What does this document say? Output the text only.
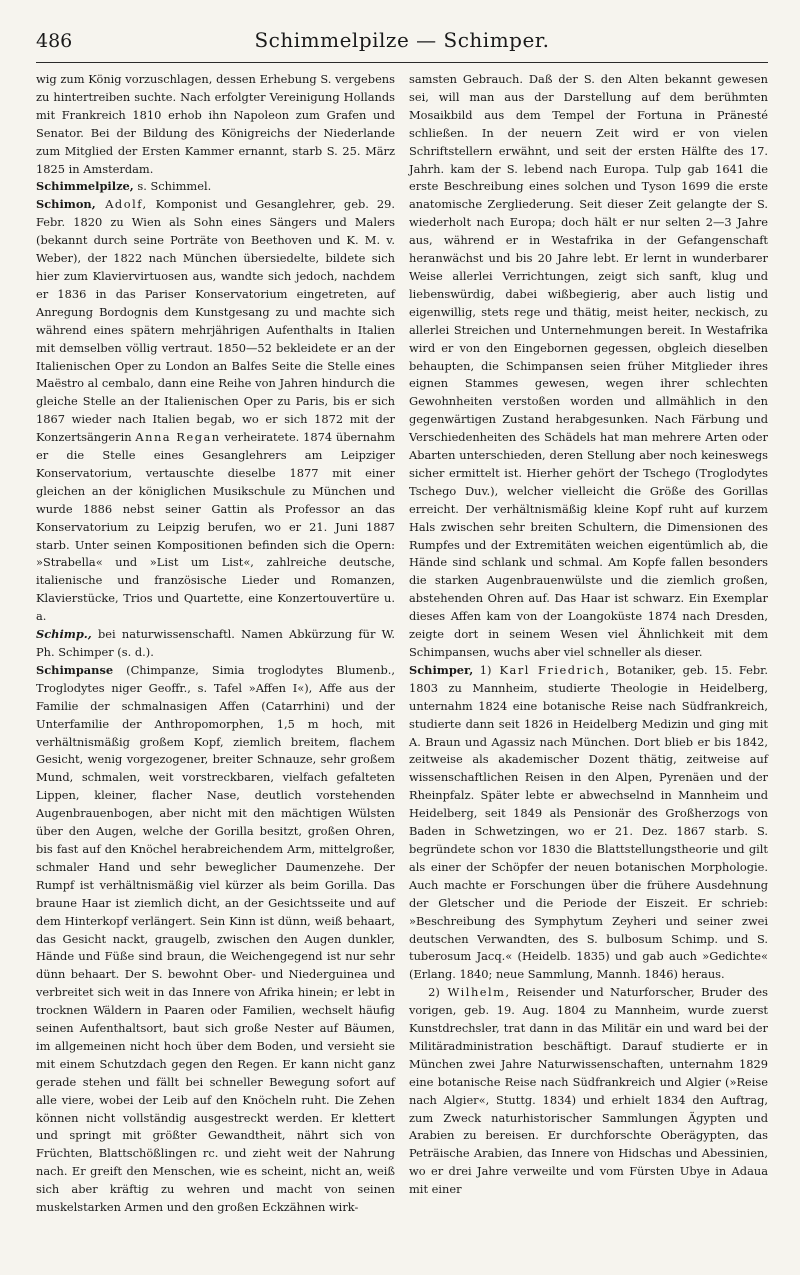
486	Schimmelpilze — Schimper.

wig zum König vorzuschlagen, dessen Erhebung S. vergebens zu hintertreiben suchte. Nach erfolgter Vereinigung Hollands mit Frankreich 1810 erhob ihn Napoleon zum Grafen und Senator. Bei der Bildung des Königreichs der Niederlande zum Mitglied der Ersten Kammer ernannt, starb S. 25. März 1825 in Amsterdam.

Schimmelpilze, s. Schimmel.

Schimon, Adolf, Komponist und Gesanglehrer, geb. 29. Febr. 1820 zu Wien als Sohn eines Sängers und Malers (bekannt durch seine Porträte von Beethoven und K. M. v. Weber), der 1822 nach München übersiedelte, bildete sich hier zum Klaviervirtuosen aus, wandte sich jedoch, nachdem er 1836 in das Pariser Konservatorium eingetreten, auf Anregung Bordognis dem Kunstgesang zu und machte sich während eines spätern mehrjährigen Aufenthalts in Italien mit demselben völlig vertraut. 1850—52 bekleidete er an der Italienischen Oper zu London an Balfes Seite die Stelle eines Maëstro al cembalo, dann eine Reihe von Jahren hindurch die gleiche Stelle an der Italienischen Oper zu Paris, bis er sich 1867 wieder nach Italien begab, wo er sich 1872 mit der Konzertsängerin Anna Regan verheiratete. 1874 übernahm er die Stelle eines Gesanglehrers am Leipziger Konservatorium, vertauschte dieselbe 1877 mit einer gleichen an der königlichen Musikschule zu München und wurde 1886 nebst seiner Gattin als Professor an das Konservatorium zu Leipzig berufen, wo er 21. Juni 1887 starb. Unter seinen Kompositionen befinden sich die Opern: »Strabella« und »List um List«, zahlreiche deutsche, italienische und französische Lieder und Romanzen, Klavierstücke, Trios und Quartette, eine Konzertouvertüre u. a.

Schimp., bei naturwissenschaftl. Namen Abkürzung für W. Ph. Schimper (s. d.).

Schimpanse (Chimpanze, Simia troglodytes Blumenb., Troglodytes niger Geoffr., s. Tafel »Affen I«), Affe aus der Familie der schmalnasigen Affen (Catarrhini) und der Unterfamilie der Anthropomorphen, 1,5 m hoch, mit verhältnismäßig großem Kopf, ziemlich breitem, flachem Gesicht, wenig vorgezogener, breiter Schnauze, sehr großem Mund, schmalen, weit vorstreckbaren, vielfach gefalteten Lippen, kleiner, flacher Nase, deutlich vorstehenden Augenbrauenbogen, aber nicht mit den mächtigen Wülsten über den Augen, welche der Gorilla besitzt, großen Ohren, bis fast auf den Knöchel herabreichendem Arm, mittelgroßer, schmaler Hand und sehr beweglicher Daumenzehe. Der Rumpf ist verhältnismäßig viel kürzer als beim Gorilla. Das braune Haar ist ziemlich dicht, an der Gesichtsseite und auf dem Hinterkopf verlängert. Sein Kinn ist dünn, weiß behaart, das Gesicht nackt, graugelb, zwischen den Augen dunkler, Hände und Füße sind braun, die Weichengegend ist nur sehr dünn behaart. Der S. bewohnt Ober- und Niederguinea und verbreitet sich weit in das Innere von Afrika hinein; er lebt in trocknen Wäldern in Paaren oder Familien, wechselt häufig seinen Aufenthaltsort, baut sich große Nester auf Bäumen, im allgemeinen nicht hoch über dem Boden, und versieht sie mit einem Schutzdach gegen den Regen. Er kann nicht ganz gerade stehen und fällt bei schneller Bewegung sofort auf alle viere, wobei der Leib auf den Knöcheln ruht. Die Zehen können nicht vollständig ausgestreckt werden. Er klettert und springt mit größter Gewandtheit, nährt sich von Früchten, Blattschößlingen rc. und zieht weit der Nahrung nach. Er greift den Menschen, wie es scheint, nicht an, weiß sich aber kräftig zu wehren und macht von seinen muskelstarken Armen und den großen Eckzähnen wirk-

samsten Gebrauch. Daß der S. den Alten bekannt gewesen sei, will man aus der Darstellung auf dem berühmten Mosaikbild aus dem Tempel der Fortuna in Pränesté schließen. In der neuern Zeit wird er von vielen Schriftstellern erwähnt, und seit der ersten Hälfte des 17. Jahrh. kam der S. lebend nach Europa. Tulp gab 1641 die erste Beschreibung eines solchen und Tyson 1699 die erste anatomische Zergliederung. Seit dieser Zeit gelangte der S. wiederholt nach Europa; doch hält er nur selten 2—3 Jahre aus, während er in Westafrika in der Gefangenschaft heranwächst und bis 20 Jahre lebt. Er lernt in wunderbarer Weise allerlei Verrichtungen, zeigt sich sanft, klug und liebenswürdig, dabei wißbegierig, aber auch listig und eigenwillig, stets rege und thätig, meist heiter, neckisch, zu allerlei Streichen und Unternehmungen bereit. In Westafrika wird er von den Eingebornen gegessen, obgleich dieselben behaupten, die Schimpansen seien früher Mitglieder ihres eignen Stammes gewesen, wegen ihrer schlechten Gewohnheiten verstoßen worden und allmählich in den gegenwärtigen Zustand herabgesunken. Nach Färbung und Verschiedenheiten des Schädels hat man mehrere Arten oder Abarten unterschieden, deren Stellung aber noch keineswegs sicher ermittelt ist. Hierher gehört der Tschego (Troglodytes Tschego Duv.), welcher vielleicht die Größe des Gorillas erreicht. Der verhältnismäßig kleine Kopf ruht auf kurzem Hals zwischen sehr breiten Schultern, die Dimensionen des Rumpfes und der Extremitäten weichen eigentümlich ab, die Hände sind schlank und schmal. Am Kopfe fallen besonders die starken Augenbrauenwülste und die ziemlich großen, abstehenden Ohren auf. Das Haar ist schwarz. Ein Exemplar dieses Affen kam von der Loangoküste 1874 nach Dresden, zeigte dort in seinem Wesen viel Ähnlichkeit mit dem Schimpansen, wuchs aber viel schneller als dieser.

Schimper, 1) Karl Friedrich, Botaniker, geb. 15. Febr. 1803 zu Mannheim, studierte Theologie in Heidelberg, unternahm 1824 eine botanische Reise nach Südfrankreich, studierte dann seit 1826 in Heidelberg Medizin und ging mit A. Braun und Agassiz nach München. Dort blieb er bis 1842, zeitweise als akademischer Dozent thätig, zeitweise auf wissenschaftlichen Reisen in den Alpen, Pyrenäen und der Rheinpfalz. Später lebte er abwechselnd in Mannheim und Heidelberg, seit 1849 als Pensionär des Großherzogs von Baden in Schwetzingen, wo er 21. Dez. 1867 starb. S. begründete schon vor 1830 die Blattstellungstheorie und gilt als einer der Schöpfer der neuen botanischen Morphologie. Auch machte er Forschungen über die frühere Ausdehnung der Gletscher und die Periode der Eiszeit. Er schrieb: »Beschreibung des Symphytum Zeyheri und seiner zwei deutschen Verwandten, des S. bulbosum Schimp. und S. tuberosum Jacq.« (Heidelb. 1835) und gab auch »Gedichte« (Erlang. 1840; neue Sammlung, Mannh. 1846) heraus.

2) Wilhelm, Reisender und Naturforscher, Bruder des vorigen, geb. 19. Aug. 1804 zu Mannheim, wurde zuerst Kunstdrechsler, trat dann in das Militär ein und ward bei der Militäradministration beschäftigt. Darauf studierte er in München zwei Jahre Naturwissenschaften, unternahm 1829 eine botanische Reise nach Südfrankreich und Algier (»Reise nach Algier«, Stuttg. 1834) und erhielt 1834 den Auftrag, zum Zweck naturhistorischer Sammlungen Ägypten und Arabien zu bereisen. Er durchforschte Oberägypten, das Peträische Arabien, das Innere von Hidschas und Abessinien, wo er drei Jahre verweilte und vom Fürsten Ubye in Adaua mit einer
